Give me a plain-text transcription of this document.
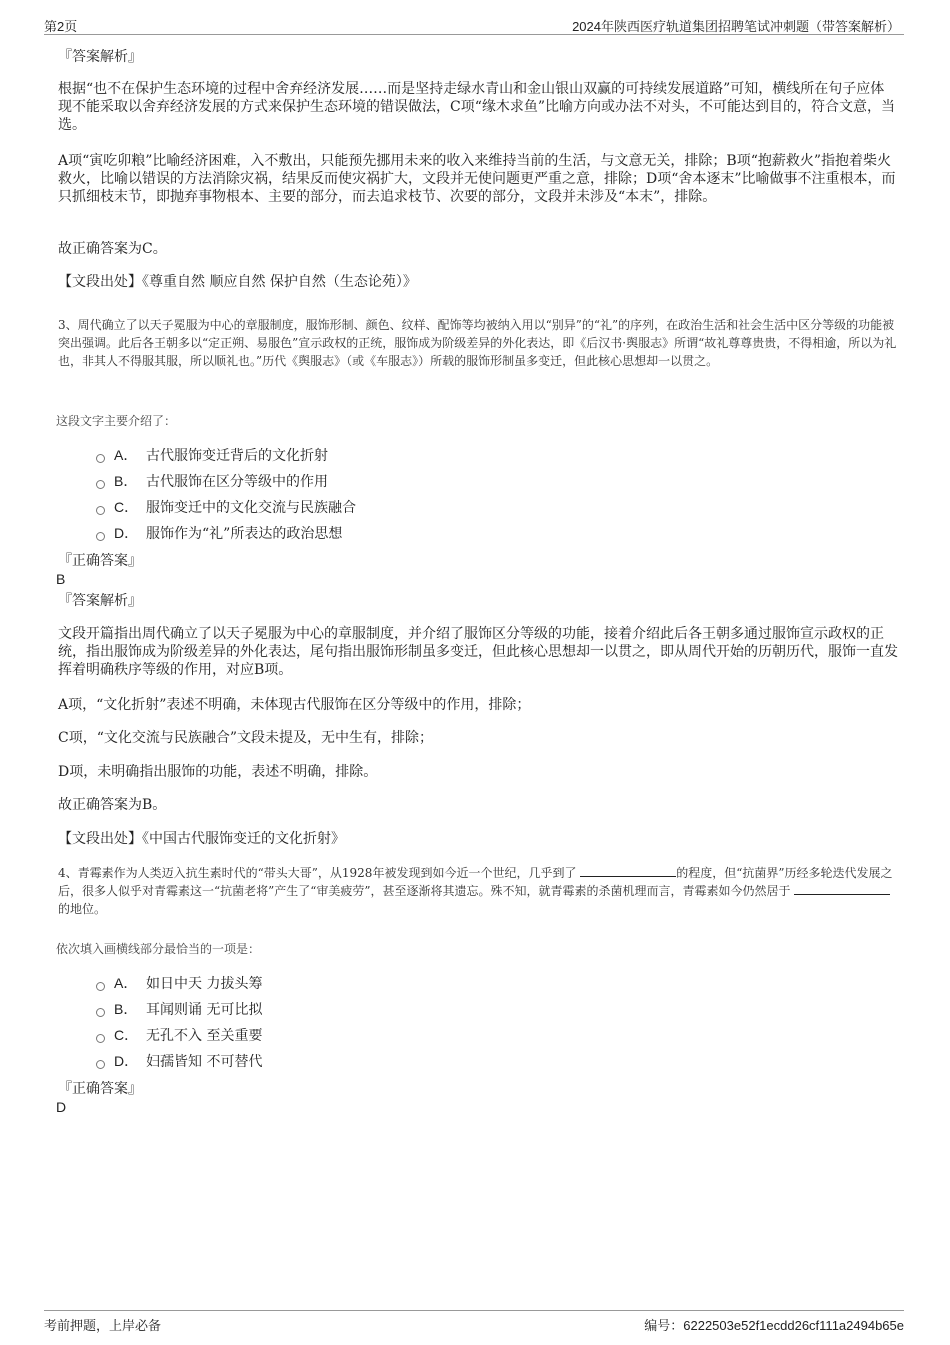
第2页	2024年陕西医疗轨道集团招聘笔试冲刺题（带答案解析）
『答案解析』
根据“也不在保护生态环境的过程中舍弃经济发展……而是坚持走绿水青山和金山银山双赢的可持续发展道路”可知，横线所在句子应体现不能采取以舍弃经济发展的方式来保护生态环境的错误做法，C项“缘木求鱼”比喻方向或办法不对头，不可能达到目的，符合文意，当选。
A项“寅吃卯粮”比喻经济困难，入不敷出，只能预先挪用未来的收入来维持当前的生活，与文意无关，排除；B项“抱薪救火”指抱着柴火救火，比喻以错误的方法消除灾祸，结果反而使灾祸扩大，文段并无使问题更严重之意，排除；D项“舍本逐末”比喻做事不注重根本，而只抓细枝末节，即抛弃事物根本、主要的部分，而去追求枝节、次要的部分，文段并未涉及“本末”，排除。
故正确答案为C。
【文段出处】《尊重自然 顺应自然 保护自然（生态论苑）》
3、周代确立了以天子冕服为中心的章服制度，服饰形制、颜色、纹样、配饰等均被纳入用以“别异”的“礼”的序列，在政治生活和社会生活中区分等级的功能被突出强调。此后各王朝多以“定正朔、易服色”宣示政权的正统，服饰成为阶级差异的外化表达，即《后汉书·舆服志》所谓“故礼尊尊贵贵，不得相逾，所以为礼也，非其人不得服其服，所以顺礼也。”历代《舆服志》（或《车服志》）所载的服饰形制虽多变迁，但此核心思想却一以贯之。
这段文字主要介绍了：
A． 古代服饰变迁背后的文化折射
B． 古代服饰在区分等级中的作用
C． 服饰变迁中的文化交流与民族融合
D． 服饰作为“礼”所表达的政治思想
『正确答案』
B
『答案解析』
文段开篇指出周代确立了以天子冕服为中心的章服制度，并介绍了服饰区分等级的功能，接着介绍此后各王朝多通过服饰宣示政权的正统，指出服饰成为阶级差异的外化表达，尾句指出服饰形制虽多变迁，但此核心思想却一以贯之，即从周代开始的历朝历代，服饰一直发挥着明确秩序等级的作用，对应B项。
A项，“文化折射”表述不明确，未体现古代服饰在区分等级中的作用，排除；
C项，“文化交流与民族融合”文段未提及，无中生有，排除；
D项，未明确指出服饰的功能，表述不明确，排除。
故正确答案为B。
【文段出处】《中国古代服饰变迁的文化折射》
4、青霉素作为人类迈入抗生素时代的“带头大哥”，从1928年被发现到如今近一个世纪，几乎到了	的程度，但“抗菌界”历经多轮迭代发展之后，很多人似乎对青霉素这一“抗菌老将”产生了“审美疲劳”，甚至逐渐将其遗忘。殊不知，就青霉素的杀菌机理而言，青霉素如今仍然居于 的地位。
依次填入画横线部分最恰当的一项是：
A． 如日中天 力拔头筹
B． 耳闻则诵 无可比拟
C． 无孔不入 至关重要
D． 妇孺皆知 不可替代
『正确答案』
D
考前押题，上岸必备	编号：6222503e52f1ecdd26cf111a2494b65e
